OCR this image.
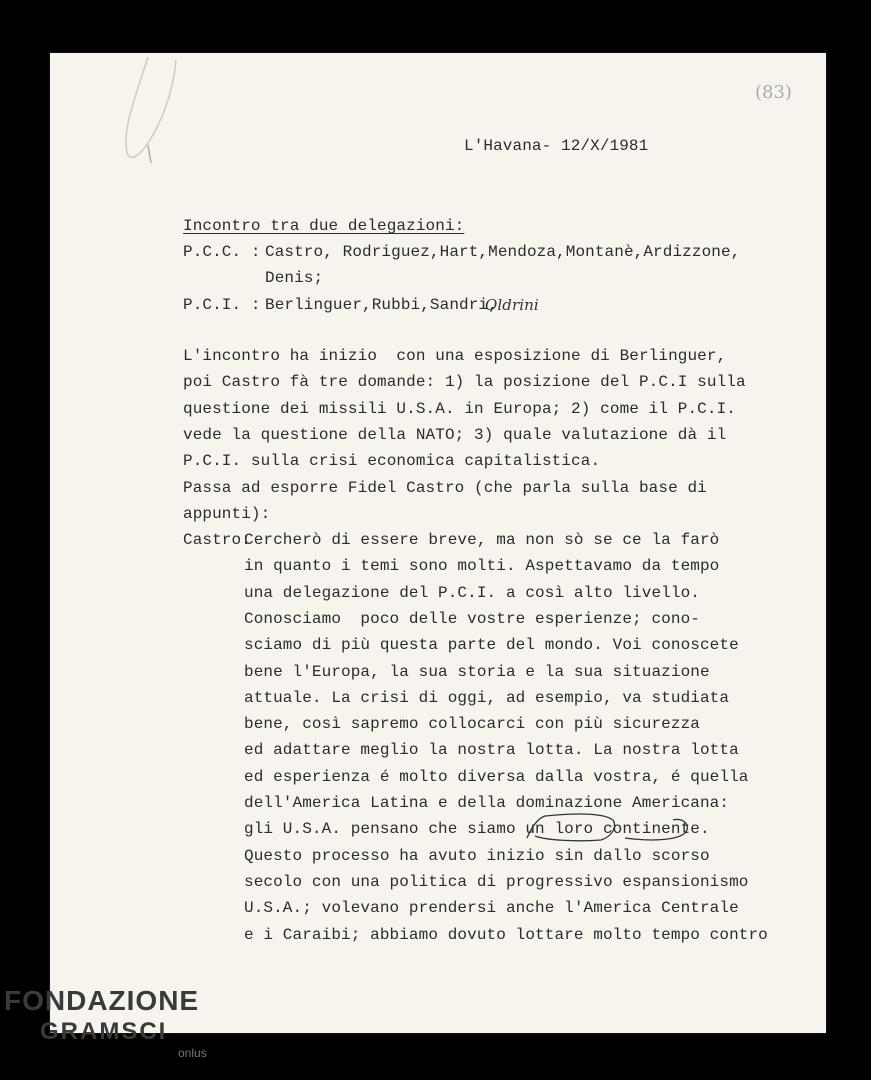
(83)
L'Havana- 12/X/1981
Incontro tra due delegazioni:
P.C.C. : Castro, Rodriguez,Hart,Mendoza,Montanè,Ardizzone,
Denis;
P.C.I. : Berlinguer,Rubbi,Sandri,
Oldrini
L'incontro ha inizio  con una esposizione di Berlinguer,
poi Castro fà tre domande: 1) la posizione del P.C.I sulla
questione dei missili U.S.A. in Europa; 2) come il P.C.I.
vede la questione della NATO; 3) quale valutazione dà il
P.C.I. sulla crisi economica capitalistica.
Passa ad esporre Fidel Castro (che parla sulla base di
appunti):
Castro:
Cercherò di essere breve, ma non sò se ce la farò
in quanto i temi sono molti. Aspettavamo da tempo
una delegazione del P.C.I. a così alto livello.
Conosciamo  poco delle vostre esperienze; cono-
sciamo di più questa parte del mondo. Voi conoscete
bene l'Europa, la sua storia e la sua situazione
attuale. La crisi di oggi, ad esempio, va studiata
bene, così sapremo collocarci con più sicurezza
ed adattare meglio la nostra lotta. La nostra lotta
ed esperienza é molto diversa dalla vostra, é quella
dell'America Latina e della dominazione Americana:
gli U.S.A. pensano che siamo un loro continente.
Questo processo ha avuto inizio sin dallo scorso
secolo con una politica di progressivo espansionismo
U.S.A.; volevano prendersi anche l'America Centrale
e i Caraibi; abbiamo dovuto lottare molto tempo contro
FONDAZIONE
GRAMSCI
onlus
